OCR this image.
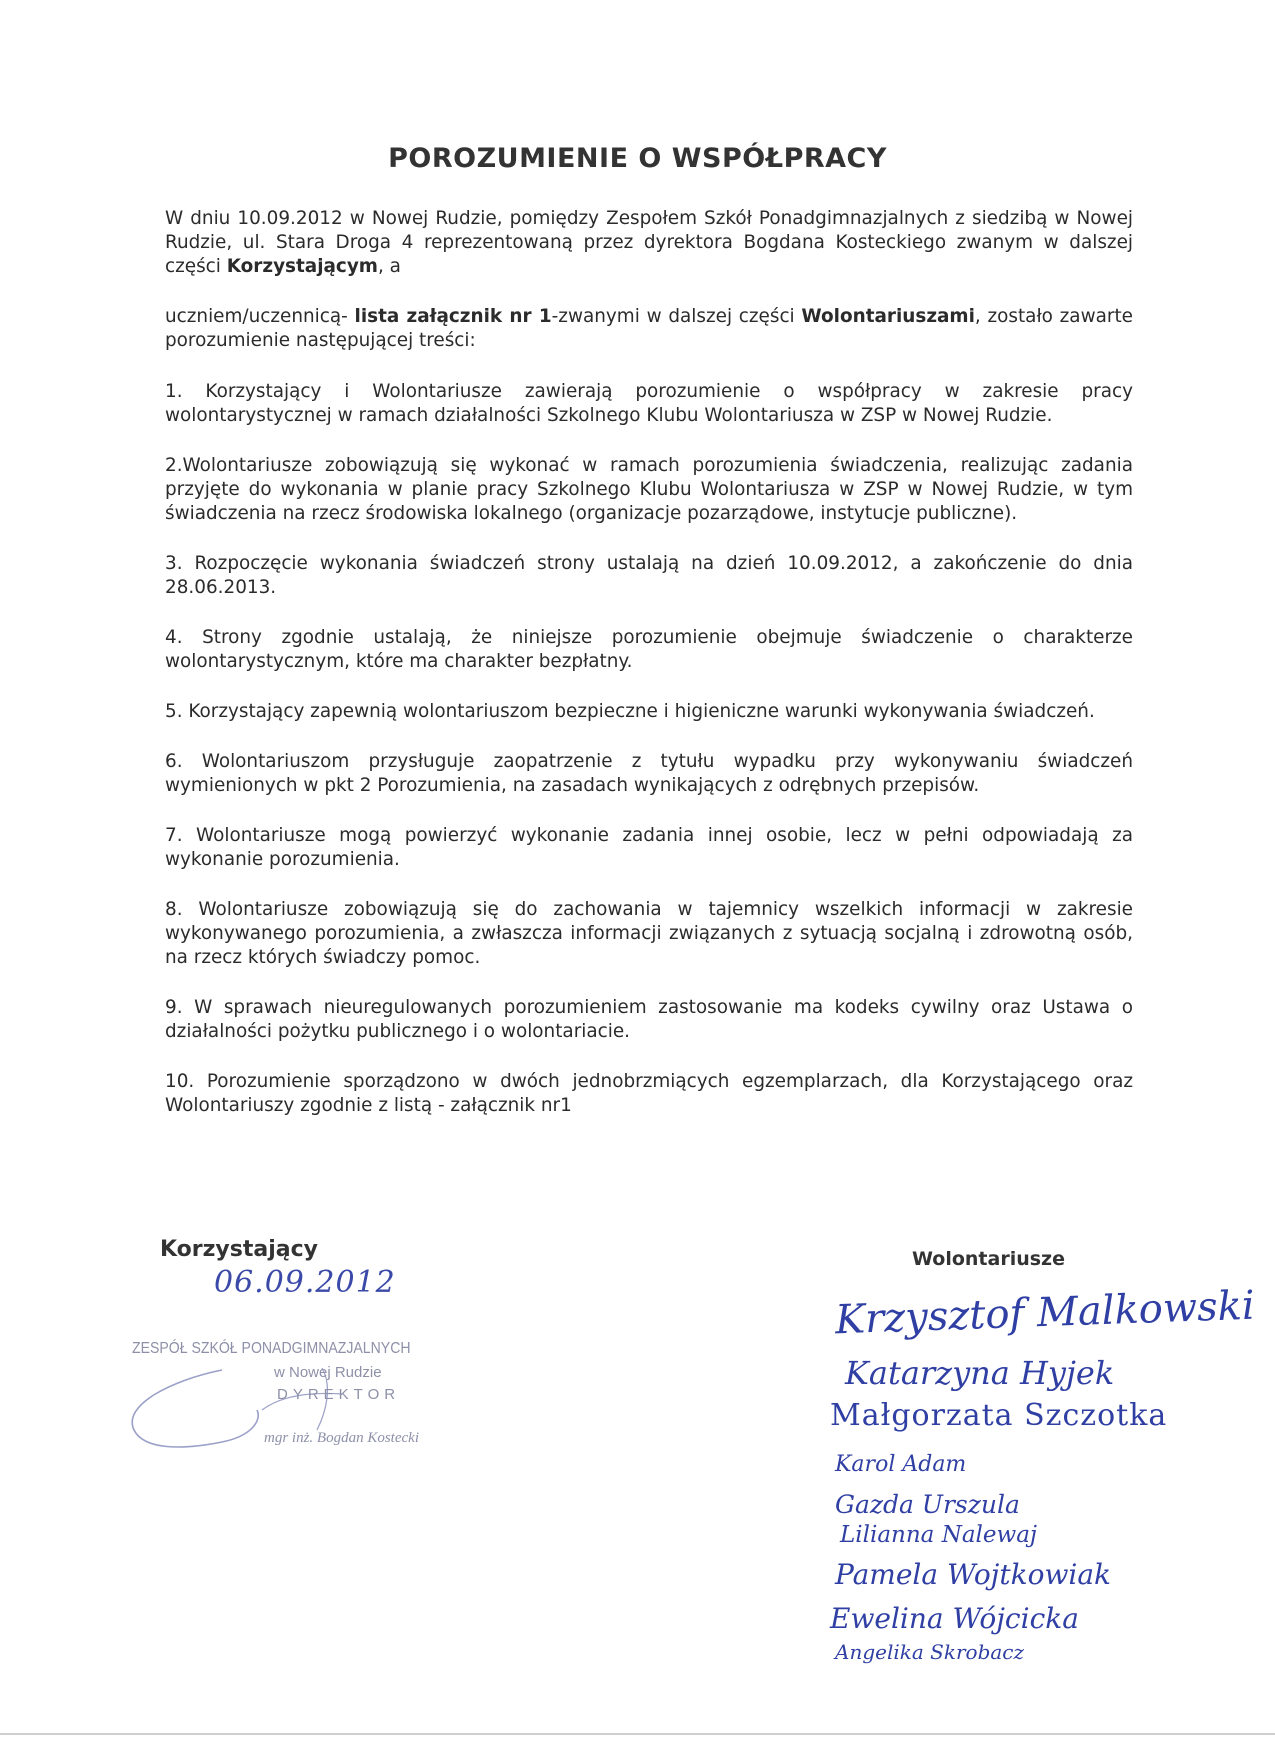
POROZUMIENIE O WSPÓŁPRACY

W dniu 10.09.2012 w Nowej Rudzie, pomiędzy Zespołem Szkół Ponadgimnazjalnych z siedzibą w Nowej Rudzie, ul. Stara Droga 4 reprezentowaną przez dyrektora Bogdana Kosteckiego zwanym w dalszej części Korzystającym, a

uczniem/uczennicą- lista załącznik nr 1-zwanymi w dalszej części Wolontariuszami, zostało zawarte porozumienie następującej treści:

1. Korzystający i Wolontariusze zawierają porozumienie o współpracy w zakresie pracy wolontarystycznej w ramach działalności Szkolnego Klubu Wolontariusza w ZSP w Nowej Rudzie.

2.Wolontariusze zobowiązują się wykonać w ramach porozumienia świadczenia, realizując zadania przyjęte do wykonania w planie pracy Szkolnego Klubu Wolontariusza w ZSP w Nowej Rudzie, w tym świadczenia na rzecz środowiska lokalnego (organizacje pozarządowe, instytucje publiczne).

3. Rozpoczęcie wykonania świadczeń strony ustalają na dzień 10.09.2012, a zakończenie do dnia 28.06.2013.

4. Strony zgodnie ustalają, że niniejsze porozumienie obejmuje świadczenie o charakterze wolontarystycznym, które ma charakter bezpłatny.

5. Korzystający zapewnią wolontariuszom bezpieczne i higieniczne warunki wykonywania świadczeń.

6. Wolontariuszom przysługuje zaopatrzenie z tytułu wypadku przy wykonywaniu świadczeń wymienionych w pkt 2 Porozumienia, na zasadach wynikających z odrębnych przepisów.

7. Wolontariusze mogą powierzyć wykonanie zadania innej osobie, lecz w pełni odpowiadają za wykonanie porozumienia.

8. Wolontariusze zobowiązują się do zachowania w tajemnicy wszelkich informacji w zakresie wykonywanego porozumienia, a zwłaszcza informacji związanych z sytuacją socjalną i zdrowotną osób, na rzecz których świadczy pomoc.

9. W sprawach nieuregulowanych porozumieniem zastosowanie ma kodeks cywilny oraz Ustawa o działalności pożytku publicznego i o wolontariacie.

10. Porozumienie sporządzono w dwóch jednobrzmiących egzemplarzach, dla Korzystającego oraz Wolontariuszy zgodnie z listą - załącznik nr1

Korzystający
06.09.2012
ZESPÓŁ SZKÓŁ PONADGIMNAZJALNYCH
w Nowej Rudzie
DYREKTOR
mgr inż. Bogdan Kostecki
Wolontariusze
Krzysztof Malkowski
Katarzyna Hyjek
Małgorzata Szczotka
Karol Adam
Gazda Urszula
Lilianna Nalewaj
Pamela Wojtkowiak
Ewelina Wójcicka
Angelika Skrobacz
